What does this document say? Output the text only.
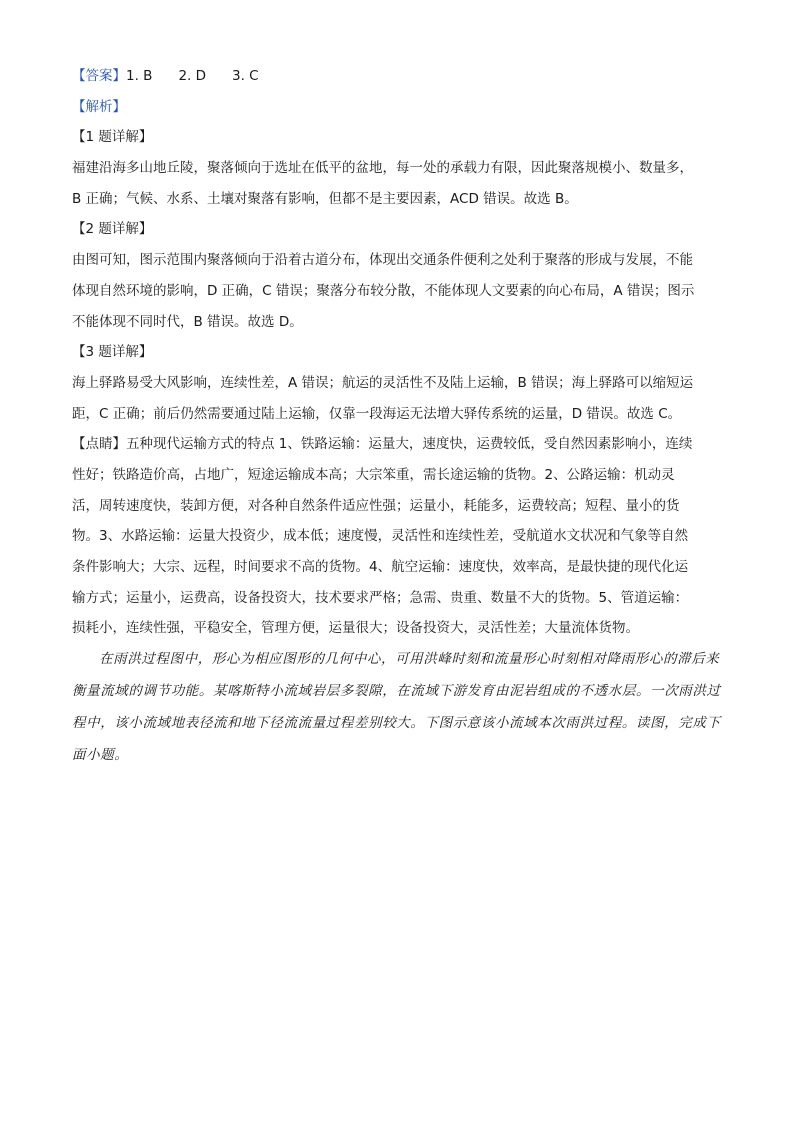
【答案】1. B 2. D 3. C
【解析】
【1 题详解】
福建沿海多山地丘陵，聚落倾向于选址在低平的盆地，每一处的承载力有限，因此聚落规模小、数量多，
B 正确；气候、水系、土壤对聚落有影响，但都不是主要因素，ACD 错误。故选 B。
【2 题详解】
由图可知，图示范围内聚落倾向于沿着古道分布，体现出交通条件便利之处利于聚落的形成与发展，不能
体现自然环境的影响，D 正确，C 错误；聚落分布较分散，不能体现人文要素的向心布局，A 错误；图示
不能体现不同时代，B 错误。故选 D。
【3 题详解】
海上驿路易受大风影响，连续性差，A 错误；航运的灵活性不及陆上运输，B 错误；海上驿路可以缩短运
距，C 正确；前后仍然需要通过陆上运输，仅靠一段海运无法增大驿传系统的运量，D 错误。故选 C。
【点睛】五种现代运输方式的特点 1、铁路运输：运量大，速度快，运费较低，受自然因素影响小，连续
性好；铁路造价高，占地广，短途运输成本高；大宗笨重，需长途运输的货物。2、公路运输：机动灵
活，周转速度快，装卸方便，对各种自然条件适应性强；运量小，耗能多，运费较高；短程、量小的货
物。3、水路运输：运量大投资少，成本低；速度慢，灵活性和连续性差，受航道水文状况和气象等自然
条件影响大；大宗、远程，时间要求不高的货物。4、航空运输：速度快，效率高，是最快捷的现代化运
输方式；运量小，运费高，设备投资大，技术要求严格；急需、贵重、数量不大的货物。5、管道运输：
损耗小，连续性强，平稳安全，管理方便，运量很大；设备投资大，灵活性差；大量流体货物。
在雨洪过程图中，形心为相应图形的几何中心，可用洪峰时刻和流量形心时刻相对降雨形心的滞后来
衡量流域的调节功能。某喀斯特小流域岩层多裂隙，在流域下游发育由泥岩组成的不透水层。一次雨洪过
程中，该小流域地表径流和地下径流流量过程差别较大。下图示意该小流域本次雨洪过程。读图，完成下
面小题。
